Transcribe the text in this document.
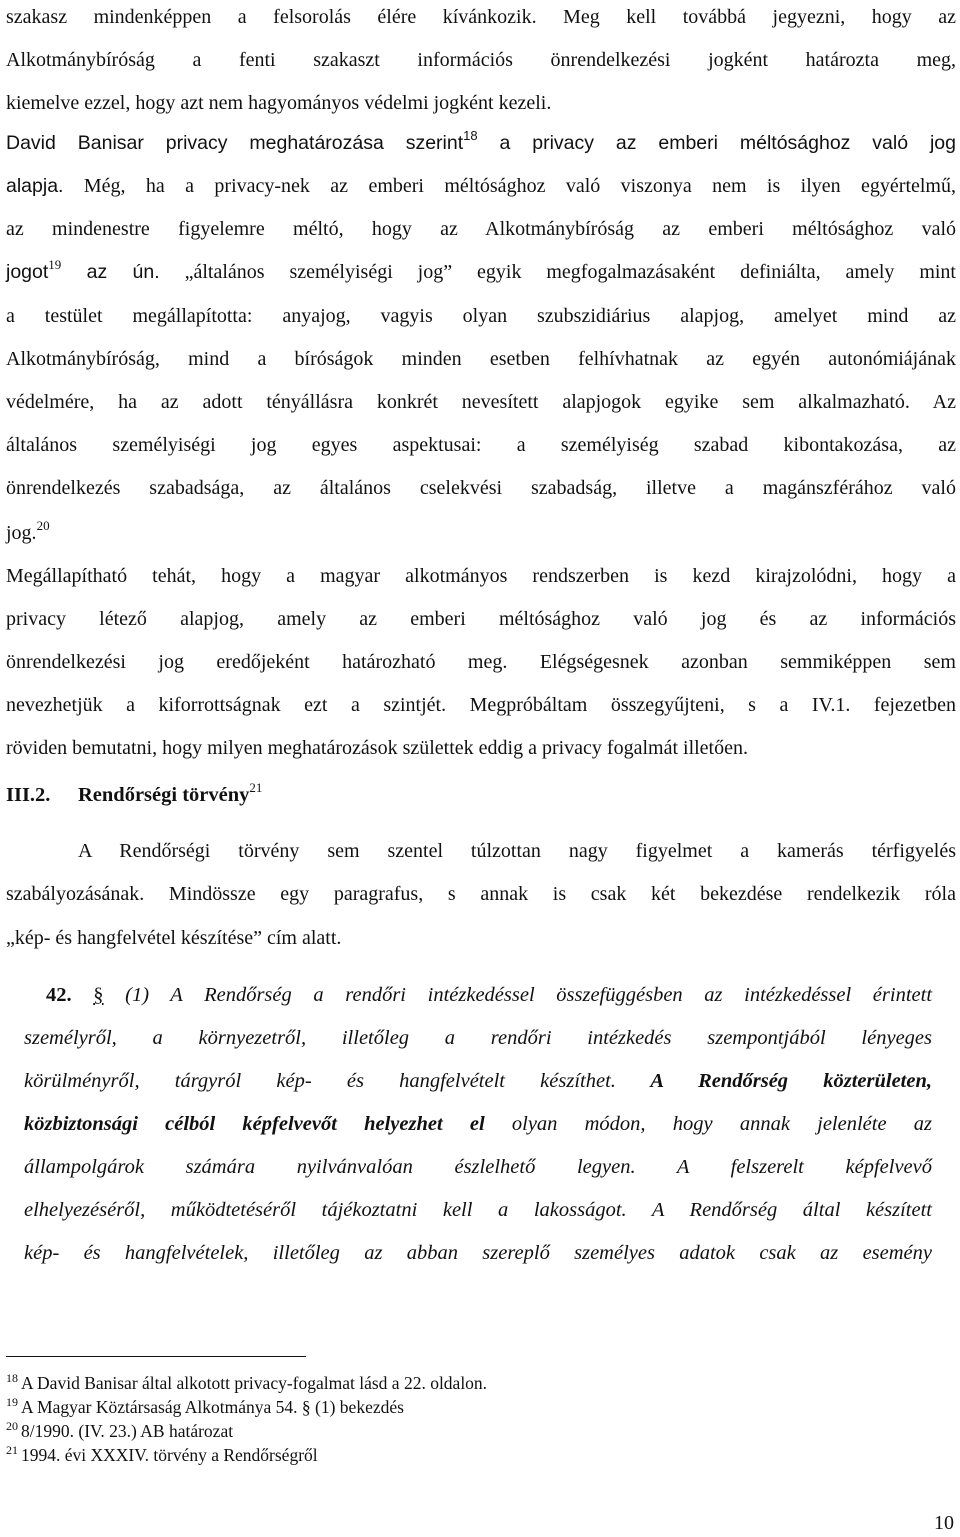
szakasz mindenképpen a felsorolás élére kívánkozik. Meg kell továbbá jegyezni, hogy az
Alkotmánybíróság a fenti szakaszt információs önrendelkezési jogként határozta meg,
kiemelve ezzel, hogy azt nem hagyományos védelmi jogként kezeli.
David Banisar privacy meghatározása szerint$^{18}$ a privacy az emberi méltósághoz való jog
alapja. Még, ha a privacy-nek az emberi méltósághoz való viszonya nem is ilyen egyértelmű,
az mindenestre figyelemre méltó, hogy az Alkotmánybíróság az emberi méltósághoz való
jogot$^{19}$ az ún. „általános személyiségi jog” egyik megfogalmazásaként definiálta, amely mint
a testület megállapította: anyajog, vagyis olyan szubszidiárius alapjog, amelyet mind az
Alkotmánybíróság, mind a bíróságok minden esetben felhívhatnak az egyén autonómiájának
védelmére, ha az adott tényállásra konkrét nevesített alapjogok egyike sem alkalmazható. Az
általános személyiségi jog egyes aspektusai: a személyiség szabad kibontakozása, az
önrendelkezés szabadsága, az általános cselekvési szabadság, illetve a magánszférához való
jog.$^{20}$
Megállapítható tehát, hogy a magyar alkotmányos rendszerben is kezd kirajzolódni, hogy a
privacy létező alapjog, amely az emberi méltósághoz való jog és az információs
önrendelkezési jog eredőjeként határozható meg. Elégségesnek azonban semmiképpen sem
nevezhetjük a kiforrottságnak ezt a szintjét. Megpróbáltam összegyűjteni, s a IV.1. fejezetben
röviden bemutatni, hogy milyen meghatározások születtek eddig a privacy fogalmát illetően.
III.2. Rendőrségi törvény$^{21}$
A Rendőrségi törvény sem szentel túlzottan nagy figyelmet a kamerás térfigyelés
szabályozásának. Mindössze egy paragrafus, s annak is csak két bekezdése rendelkezik róla
„kép- és hangfelvétel készítése” cím alatt.
42. § (1) A Rendőrség a rendőri intézkedéssel összefüggésben az intézkedéssel érintett
személyről, a környezetről, illetőleg a rendőri intézkedés szempontjából lényeges
körülményről, tárgyról kép- és hangfelvételt készíthet. A Rendőrség közterületen,
közbiztonsági célból képfelvevőt helyezhet el olyan módon, hogy annak jelenléte az
állampolgárok számára nyilvánvalóan észlelhető legyen. A felszerelt képfelvevő
elhelyezéséről, működtetéséről tájékoztatni kell a lakosságot. A Rendőrség által készített
kép- és hangfelvételek, illetőleg az abban szereplő személyes adatok csak az esemény
$^{18}$ A David Banisar által alkotott privacy-fogalmat lásd a 22. oldalon.
$^{19}$ A Magyar Köztársaság Alkotmánya 54. § (1) bekezdés
$^{20}$ 8/1990. (IV. 23.) AB határozat
$^{21}$ 1994. évi XXXIV. törvény a Rendőrségről
10
